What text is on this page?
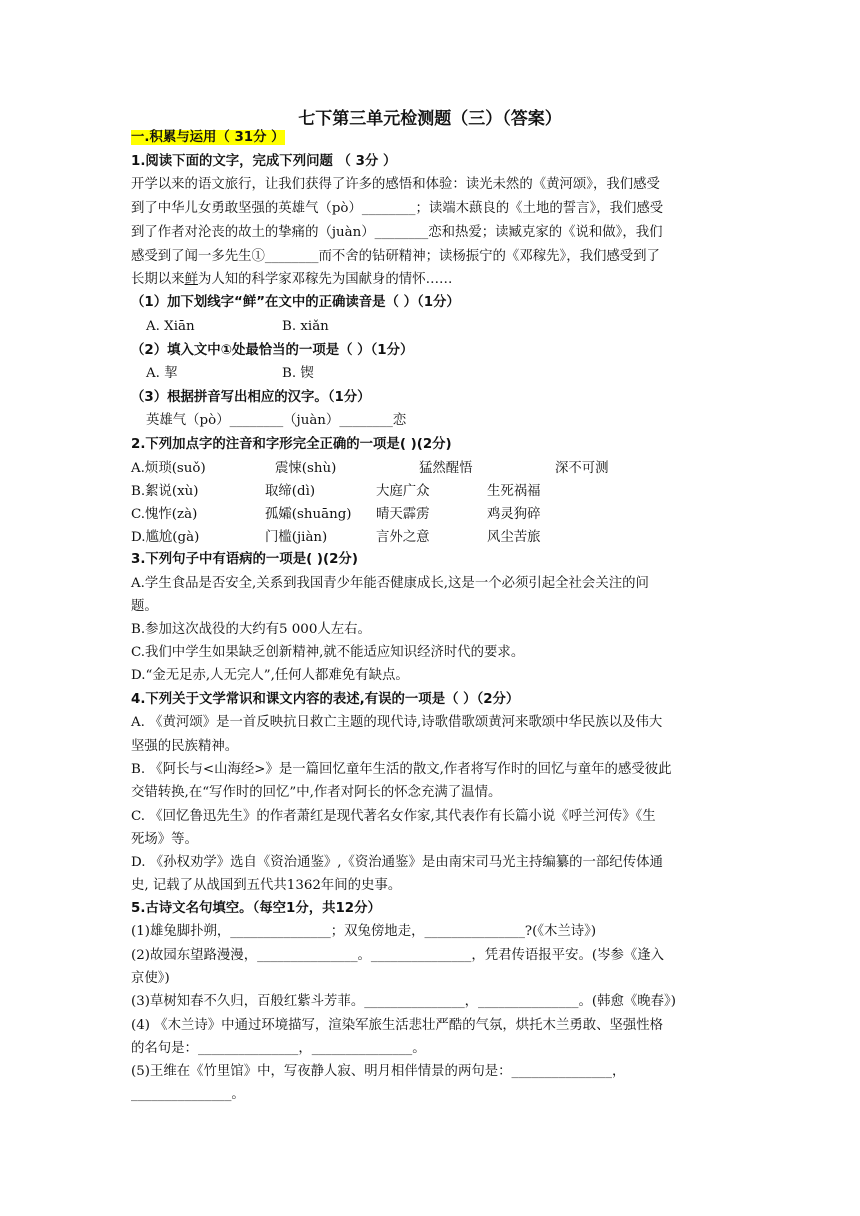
七下第三单元检测题（三）（答案）
一.积累与运用（ 31分 ）
1.阅读下面的文字，完成下列问题 （ 3分 ）
开学以来的语文旅行，让我们获得了许多的感悟和体验：读光未然的《黄河颂》，我们感受
到了中华儿女勇敢坚强的英雄气（pò）________；读端木蕻良的《土地的誓言》，我们感受
到了作者对沦丧的故土的挚痛的（juàn）________恋和热爱；读臧克家的《说和做》，我们
感受到了闻一多先生①________而不舍的钻研精神；读杨振宁的《邓稼先》，我们感受到了
长期以来鲜为人知的科学家邓稼先为国献身的情怀……
（1）加下划线字“鲜”在文中的正确读音是（ ）（1分）
A. Xiān	B. xiǎn
（2）填入文中①处最恰当的一项是（ ）（1分）
A. 挈	B. 锲
（3）根据拼音写出相应的汉字。（1分）
英雄气（pò）________（juàn）________恋
2.下列加点字的注音和字形完全正确的一项是( )(2分)
A.烦琐(suǒ)	震悚(shù)	猛然醒悟	深不可测
B.絮说(xù)	取缔(dì)	大庭广众	生死祸福
C.愧怍(zà)	孤孀(shuāng) 晴天霹雳	鸡灵狗碎
D.尴尬(gà)	门槛(jiàn)	言外之意	风尘苦旅
3.下列句子中有语病的一项是( )(2分)
A.学生食品是否安全,关系到我国青少年能否健康成长,这是一个必须引起全社会关注的问
题。
B.参加这次战役的大约有5 000人左右。
C.我们中学生如果缺乏创新精神,就不能适应知识经济时代的要求。
D.“金无足赤,人无完人”,任何人都难免有缺点。
4.下列关于文学常识和课文内容的表述,有误的一项是（ ）（2分）
A. 《黄河颂》是一首反映抗日救亡主题的现代诗,诗歌借歌颂黄河来歌颂中华民族以及伟大
坚强的民族精神。
B. 《阿长与<山海经>》是一篇回忆童年生活的散文,作者将写作时的回忆与童年的感受彼此
交错转换,在“写作时的回忆”中,作者对阿长的怀念充满了温情。
C. 《回忆鲁迅先生》的作者萧红是现代著名女作家,其代表作有长篇小说《呼兰河传》《生
死场》等。
D. 《孙权劝学》选自《资治通鉴》,《资治通鉴》是由南宋司马光主持编纂的一部纪传体通
史, 记载了从战国到五代共1362年间的史事。
5.古诗文名句填空。（每空1分，共12分）
(1)雄兔脚扑朔，_______________；双兔傍地走，_______________?(《木兰诗》)
(2)故园东望路漫漫，_______________。_______________，凭君传语报平安。(岑参《逢入
京使》)
(3)草树知春不久归，百般红紫斗芳菲。_______________，_______________。(韩愈《晚春》)
(4) 《木兰诗》中通过环境描写，渲染军旅生活悲壮严酷的气氛，烘托木兰勇敢、坚强性格
的名句是：_______________，_______________。
(5)王维在《竹里馆》中，写夜静人寂、明月相伴情景的两句是：_______________，
_______________。
